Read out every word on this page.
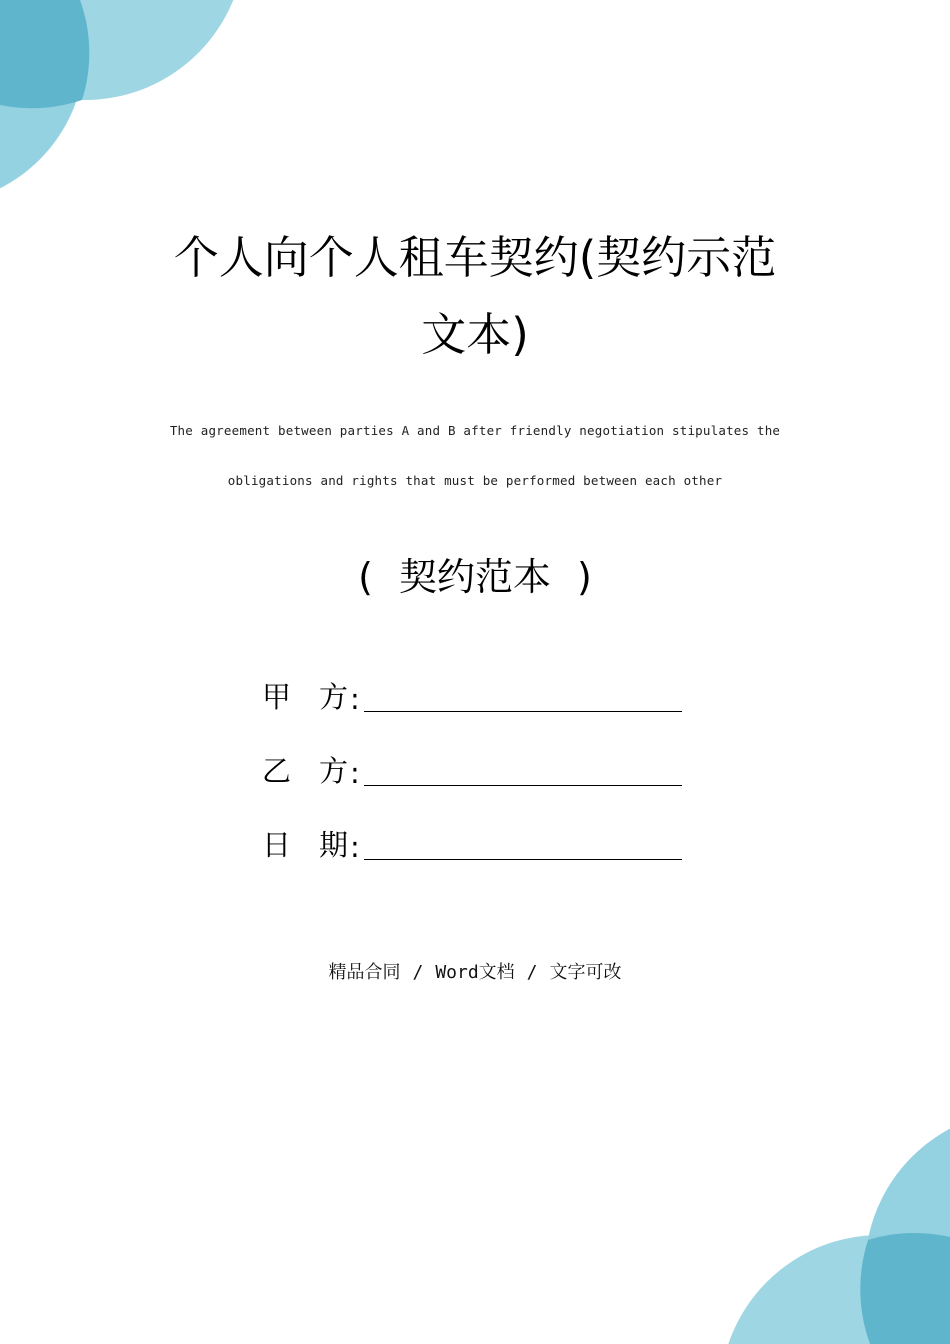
个人向个人租车契约(契约示范
文本)
The agreement between parties A and B after friendly negotiation stipulates the
obligations and rights that must be performed between each other
( 契约范本 )
甲 方 :
乙 方 :
日 期 :
精品合同 / Word文档 / 文字可改
